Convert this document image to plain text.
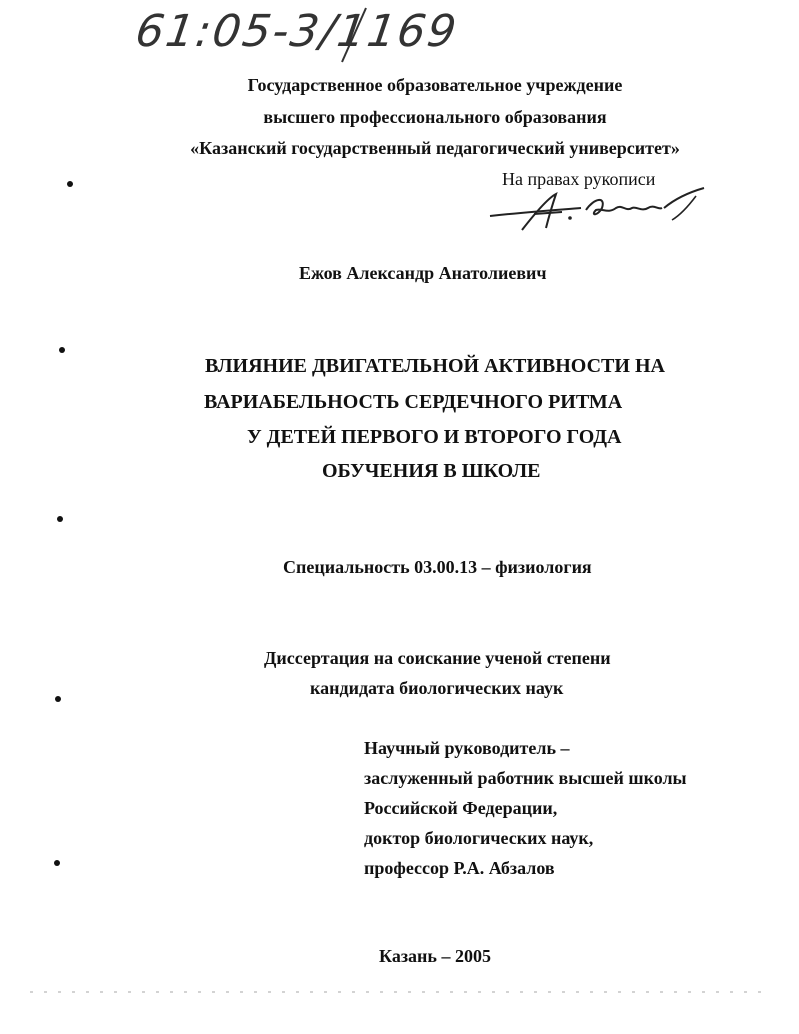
61:05-3/1169
Государственное образовательное учреждение
высшего профессионального образования
«Казанский государственный педагогический университет»
На правах рукописи
Ежов Александр Анатолиевич
ВЛИЯНИЕ ДВИГАТЕЛЬНОЙ АКТИВНОСТИ НА
ВАРИАБЕЛЬНОСТЬ СЕРДЕЧНОГО РИТМА
У ДЕТЕЙ ПЕРВОГО И ВТОРОГО ГОДА
ОБУЧЕНИЯ В ШКОЛЕ
Специальность 03.00.13 – физиология
Диссертация на соискание ученой степени
кандидата биологических наук
Научный руководитель –
заслуженный работник высшей школы
Российской Федерации,
доктор биологических наук,
профессор Р.А. Абзалов
Казань – 2005
